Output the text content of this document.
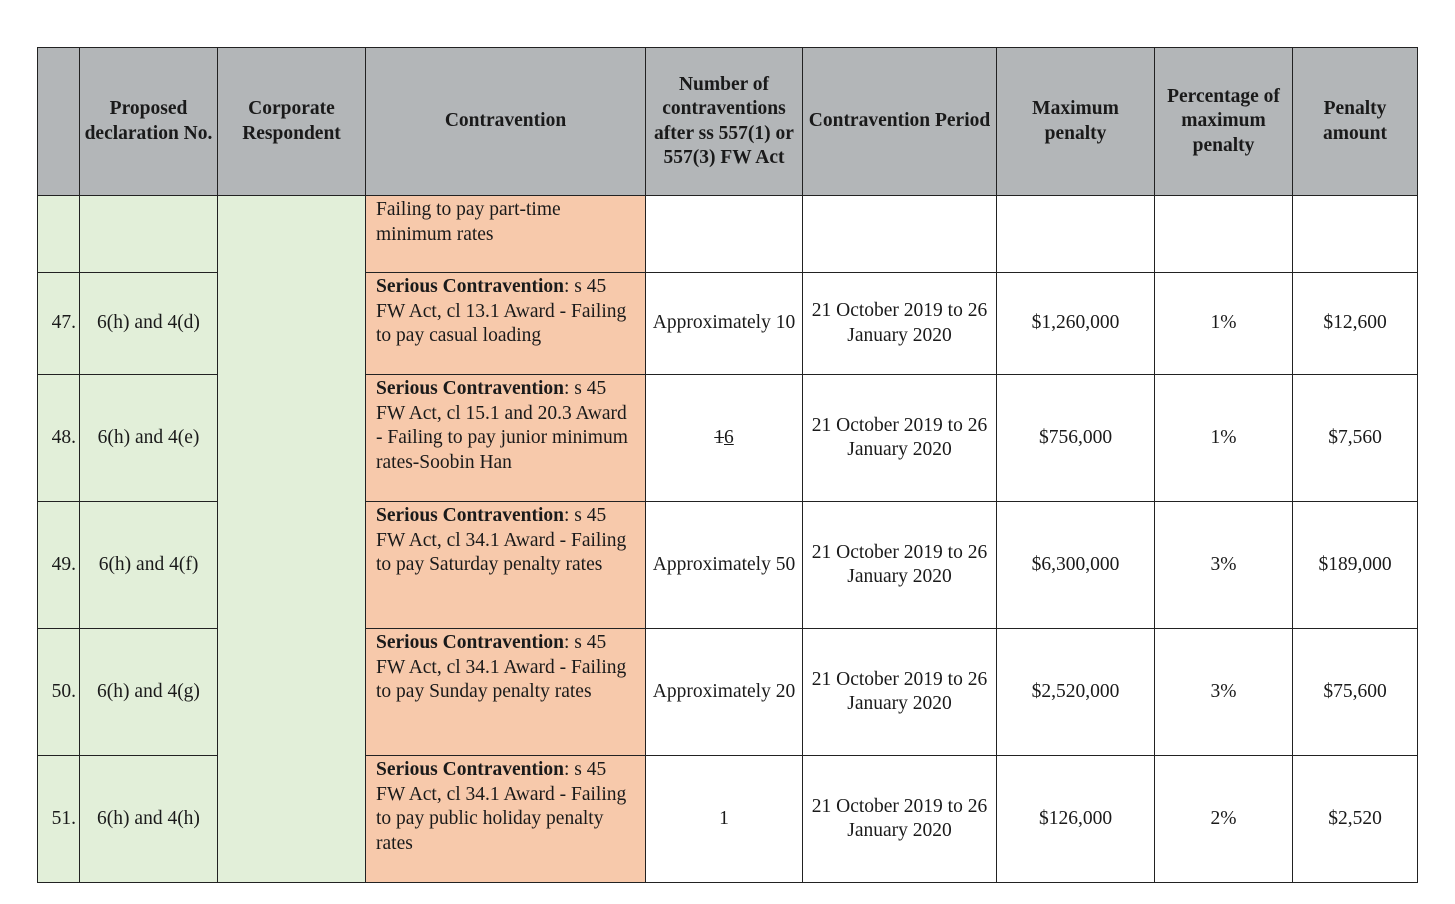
	Proposed declaration No.	Corporate Respondent	Contravention	Number of contraventions after ss 557(1) or 557(3) FW Act	Contravention Period	Maximum penalty	Percentage of maximum penalty	Penalty amount
			Failing to pay part-time minimum rates					
47.	6(h) and 4(d)		Serious Contravention: s 45 FW Act, cl 13.1 Award - Failing to pay casual loading	Approximately 10	21 October 2019 to 26 January 2020	$1,260,000	1%	$12,600
48.	6(h) and 4(e)		Serious Contravention: s 45 FW Act, cl 15.1 and 20.3 Award - Failing to pay junior minimum rates-Soobin Han	16	21 October 2019 to 26 January 2020	$756,000	1%	$7,560
49.	6(h) and 4(f)		Serious Contravention: s 45 FW Act, cl 34.1 Award - Failing to pay Saturday penalty rates	Approximately 50	21 October 2019 to 26 January 2020	$6,300,000	3%	$189,000
50.	6(h) and 4(g)		Serious Contravention: s 45 FW Act, cl 34.1 Award - Failing to pay Sunday penalty rates	Approximately 20	21 October 2019 to 26 January 2020	$2,520,000	3%	$75,600
51.	6(h) and 4(h)		Serious Contravention: s 45 FW Act, cl 34.1 Award - Failing to pay public holiday penalty rates	1	21 October 2019 to 26 January 2020	$126,000	2%	$2,520
